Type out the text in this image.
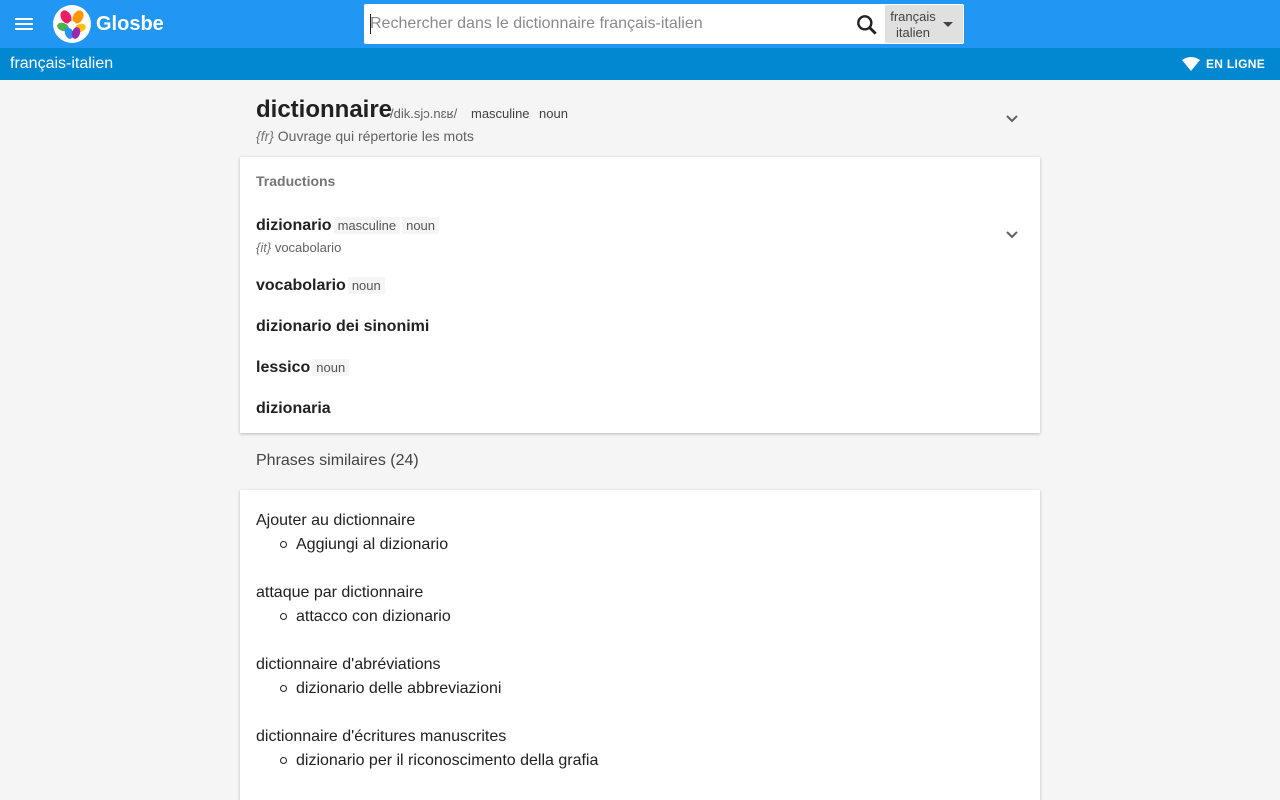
Glosbe
Rechercher dans le dictionnaire français-italien	français
italien
français-italien	EN LIGNE
dictionnaire
/dik.sjɔ.nɛʁ/ masculine noun
{fr} Ouvrage qui répertorie les mots
Traductions
dizionario masculine noun
{it} vocabolario
vocabolario noun
dizionario dei sinonimi
lessico noun
dizionaria
Phrases similaires (24)
Ajouter au dictionnaire
Aggiungi al dizionario
attaque par dictionnaire
attacco con dizionario
dictionnaire d'abréviations
dizionario delle abbreviazioni
dictionnaire d'écritures manuscrites
dizionario per il riconoscimento della grafia
